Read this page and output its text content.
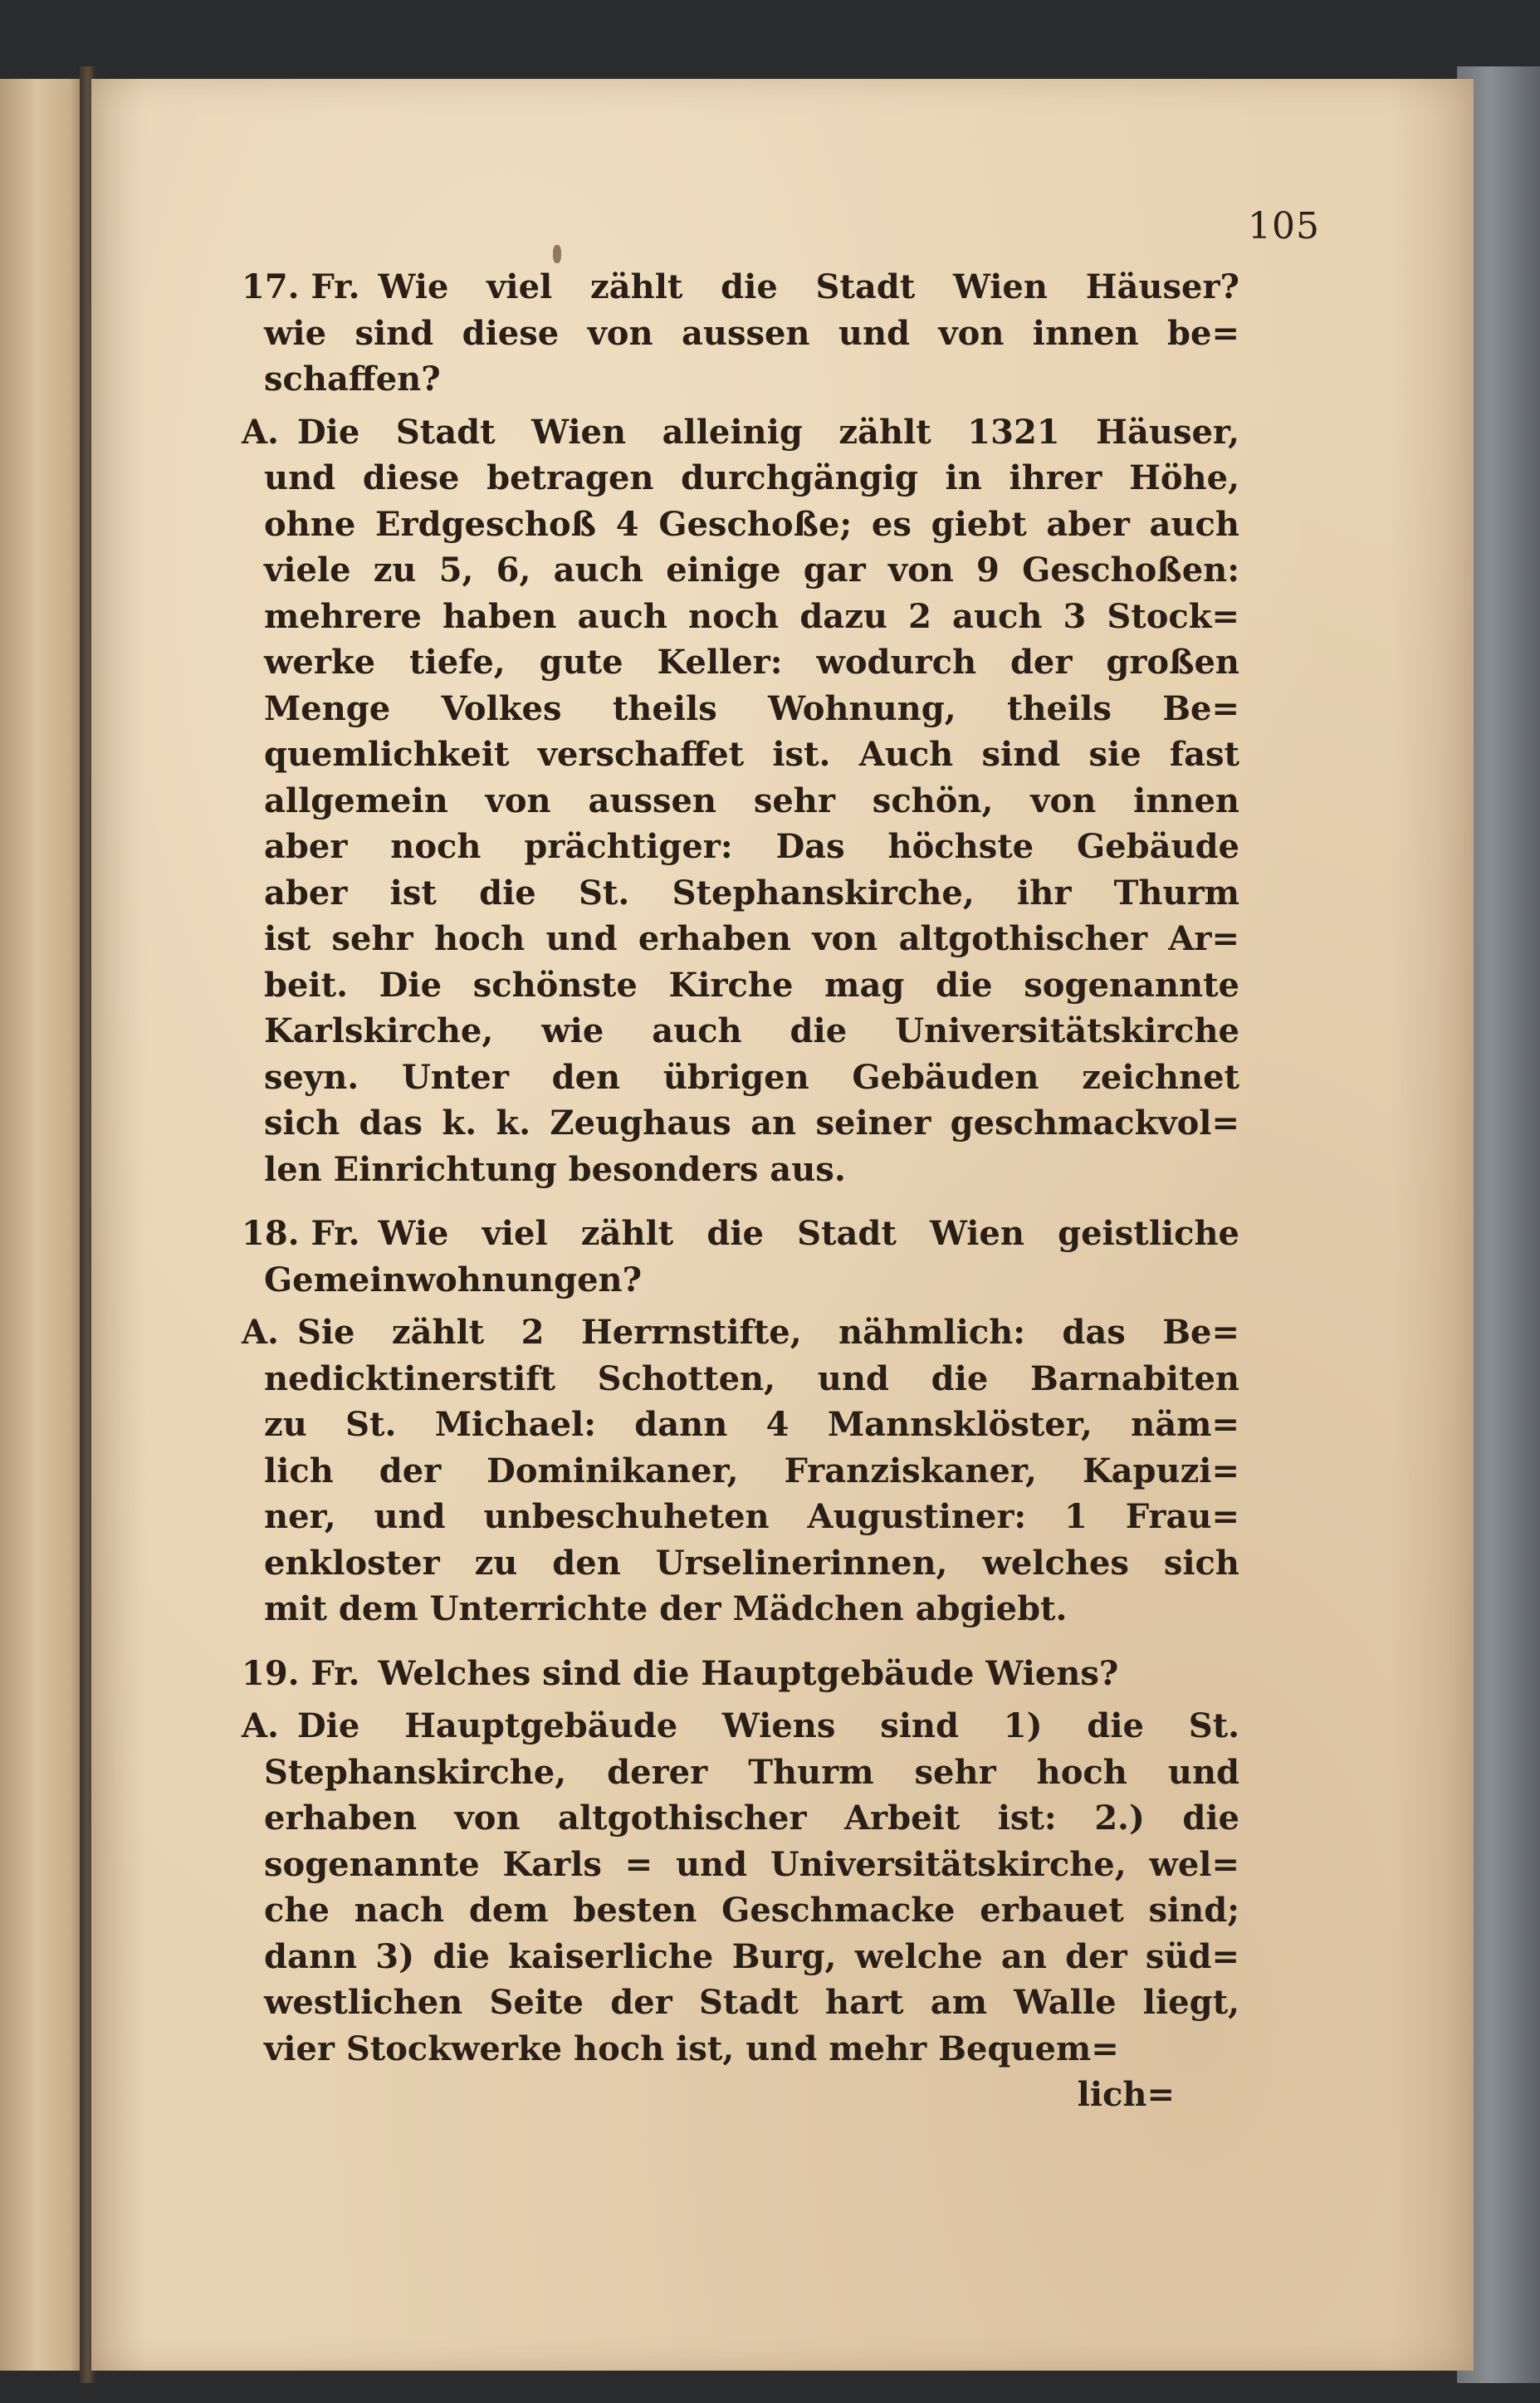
105
17. Fr. Wie viel zählt die Stadt Wien Häuser?
wie sind diese von aussen und von innen be=
schaffen?
A. Die Stadt Wien alleinig zählt 1321 Häuser,
und diese betragen durchgängig in ihrer Höhe,
ohne Erdgeschoß 4 Geschoße; es giebt aber auch
viele zu 5, 6, auch einige gar von 9 Geschoßen:
mehrere haben auch noch dazu 2 auch 3 Stock=
werke tiefe, gute Keller: wodurch der großen
Menge Volkes theils Wohnung, theils Be=
quemlichkeit verschaffet ist. Auch sind sie fast
allgemein von aussen sehr schön, von innen
aber noch prächtiger: Das höchste Gebäude
aber ist die St. Stephanskirche, ihr Thurm
ist sehr hoch und erhaben von altgothischer Ar=
beit. Die schönste Kirche mag die sogenannte
Karlskirche, wie auch die Universitätskirche
seyn. Unter den übrigen Gebäuden zeichnet
sich das k. k. Zeughaus an seiner geschmackvol=
len Einrichtung besonders aus.
18. Fr. Wie viel zählt die Stadt Wien geistliche
Gemeinwohnungen?
A. Sie zählt 2 Herrnstifte, nähmlich: das Be=
nedicktinerstift Schotten, und die Barnabiten
zu St. Michael: dann 4 Mannsklöster, näm=
lich der Dominikaner, Franziskaner, Kapuzi=
ner, und unbeschuheten Augustiner: 1 Frau=
enkloster zu den Urselinerinnen, welches sich
mit dem Unterrichte der Mädchen abgiebt.
19. Fr. Welches sind die Hauptgebäude Wiens?
A. Die Hauptgebäude Wiens sind 1) die St.
Stephanskirche, derer Thurm sehr hoch und
erhaben von altgothischer Arbeit ist: 2.) die
sogenannte Karls = und Universitätskirche, wel=
che nach dem besten Geschmacke erbauet sind;
dann 3) die kaiserliche Burg, welche an der süd=
westlichen Seite der Stadt hart am Walle liegt,
vier Stockwerke hoch ist, und mehr Bequem=
lich=
